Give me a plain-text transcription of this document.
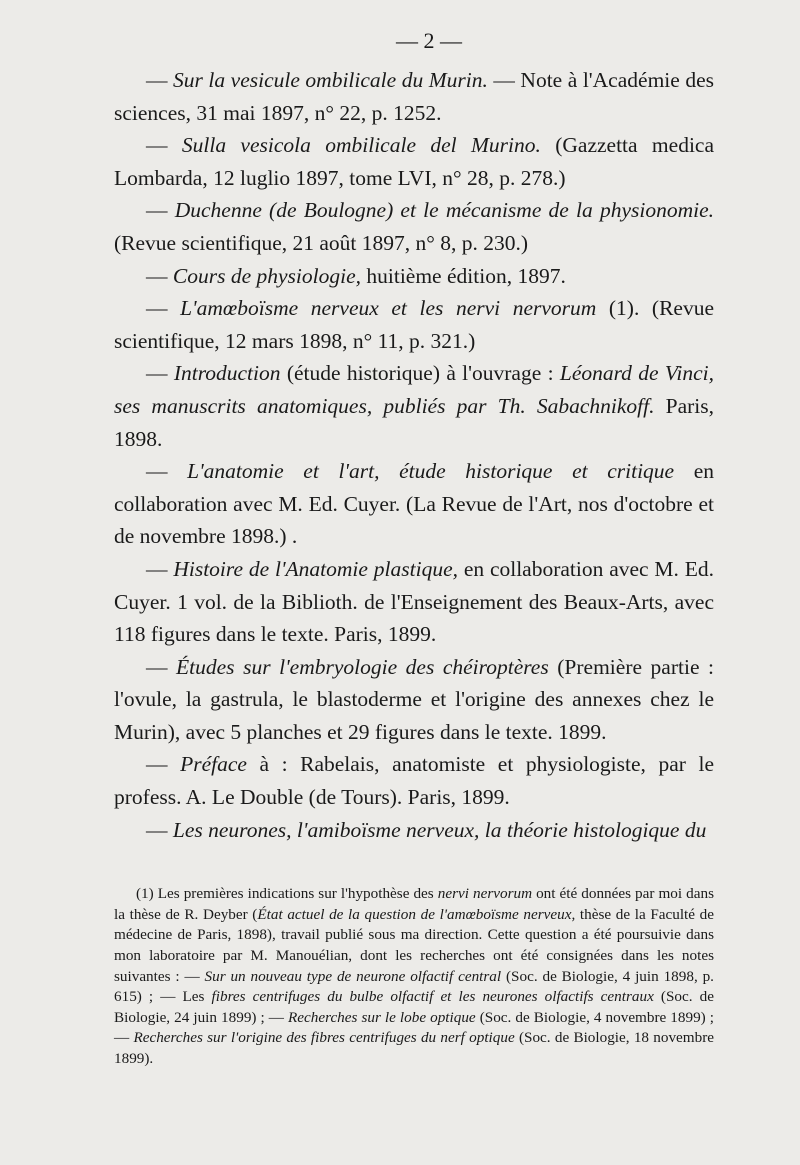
— 2 —

— Sur la vesicule ombilicale du Murin. — Note à l'Académie des sciences, 31 mai 1897, n° 22, p. 1252.

— Sulla vesicola ombilicale del Murino. (Gazzetta medica Lombarda, 12 luglio 1897, tome LVI, n° 28, p. 278.)

— Duchenne (de Boulogne) et le mécanisme de la physionomie. (Revue scientifique, 21 août 1897, n° 8, p. 230.)

— Cours de physiologie, huitième édition, 1897.

— L'amœboïsme nerveux et les nervi nervorum (1). (Revue scientifique, 12 mars 1898, n° 11, p. 321.)

— Introduction (étude historique) à l'ouvrage : Léonard de Vinci, ses manuscrits anatomiques, publiés par Th. Sabachnikoff. Paris, 1898.

— L'anatomie et l'art, étude historique et critique en collaboration avec M. Ed. Cuyer. (La Revue de l'Art, nos d'octobre et de novembre 1898.) .

— Histoire de l'Anatomie plastique, en collaboration avec M. Ed. Cuyer. 1 vol. de la Biblioth. de l'Enseignement des Beaux-Arts, avec 118 figures dans le texte. Paris, 1899.

— Études sur l'embryologie des chéiroptères (Première partie : l'ovule, la gastrula, le blastoderme et l'origine des annexes chez le Murin), avec 5 planches et 29 figures dans le texte. 1899.

— Préface à : Rabelais, anatomiste et physiologiste, par le profess. A. Le Double (de Tours). Paris, 1899.

— Les neurones, l'amiboïsme nerveux, la théorie histologique du

(1) Les premières indications sur l'hypothèse des nervi nervorum ont été données par moi dans la thèse de R. Deyber (État actuel de la question de l'amœboïsme nerveux, thèse de la Faculté de médecine de Paris, 1898), travail publié sous ma direction. Cette question a été poursuivie dans mon laboratoire par M. Manouélian, dont les recherches ont été consignées dans les notes suivantes : — Sur un nouveau type de neurone olfactif central (Soc. de Biologie, 4 juin 1898, p. 615) ; — Les fibres centrifuges du bulbe olfactif et les neurones olfactifs centraux (Soc. de Biologie, 24 juin 1899) ; — Recherches sur le lobe optique (Soc. de Biologie, 4 novembre 1899) ; — Recherches sur l'origine des fibres centrifuges du nerf optique (Soc. de Biologie, 18 novembre 1899).
